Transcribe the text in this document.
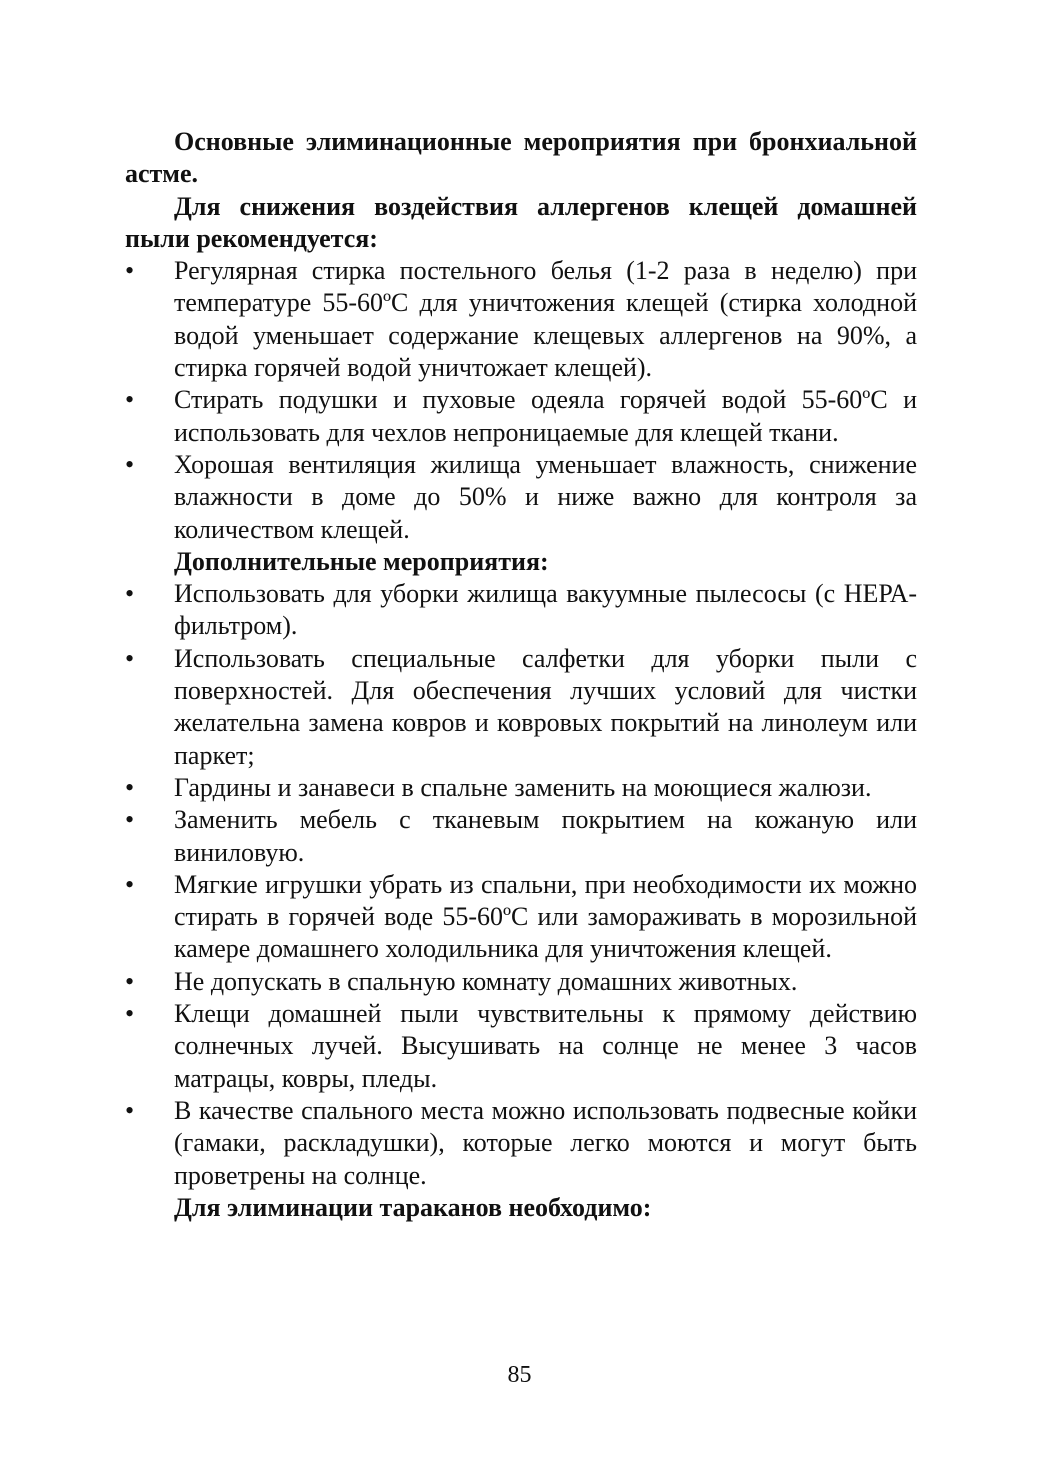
Основные элиминационные мероприятия при бронхиальной астме.

Для снижения воздействия аллергенов клещей домашней пыли рекомендуется:

• Регулярная стирка постельного белья (1-2 раза в неделю) при температуре 55-60ºС для уничтожения клещей (стирка холодной водой уменьшает содержание клещевых аллергенов на 90%, а стирка горячей водой уничтожает клещей).
• Стирать подушки и пуховые одеяла горячей водой 55-60ºС и использовать для чехлов непроницаемые для клещей ткани.
• Хорошая вентиляция жилища уменьшает влажность, снижение влажности в доме до 50% и ниже важно для контроля за количеством клещей.

Дополнительные мероприятия:

• Использовать для уборки жилища вакуумные пылесосы (с НЕРА-фильтром).
• Использовать специальные салфетки для уборки пыли с поверхностей. Для обеспечения лучших условий для чистки желательна замена ковров и ковровых покрытий на линолеум или паркет;
• Гардины и занавеси в спальне заменить на моющиеся жалюзи.
• Заменить мебель с тканевым покрытием на кожаную или виниловую.
• Мягкие игрушки убрать из спальни, при необходимости их можно стирать в горячей воде 55-60ºС или замораживать в морозильной камере домашнего холодильника для уничтожения клещей.
• Не допускать в спальную комнату домашних животных.
• Клещи домашней пыли чувствительны к прямому действию солнечных лучей. Высушивать на солнце не менее 3 часов матрацы, ковры, пледы.
• В качестве спального места можно использовать подвесные койки (гамаки, раскладушки), которые легко моются и могут быть проветрены на солнце.

Для элиминации тараканов необходимо:

85
